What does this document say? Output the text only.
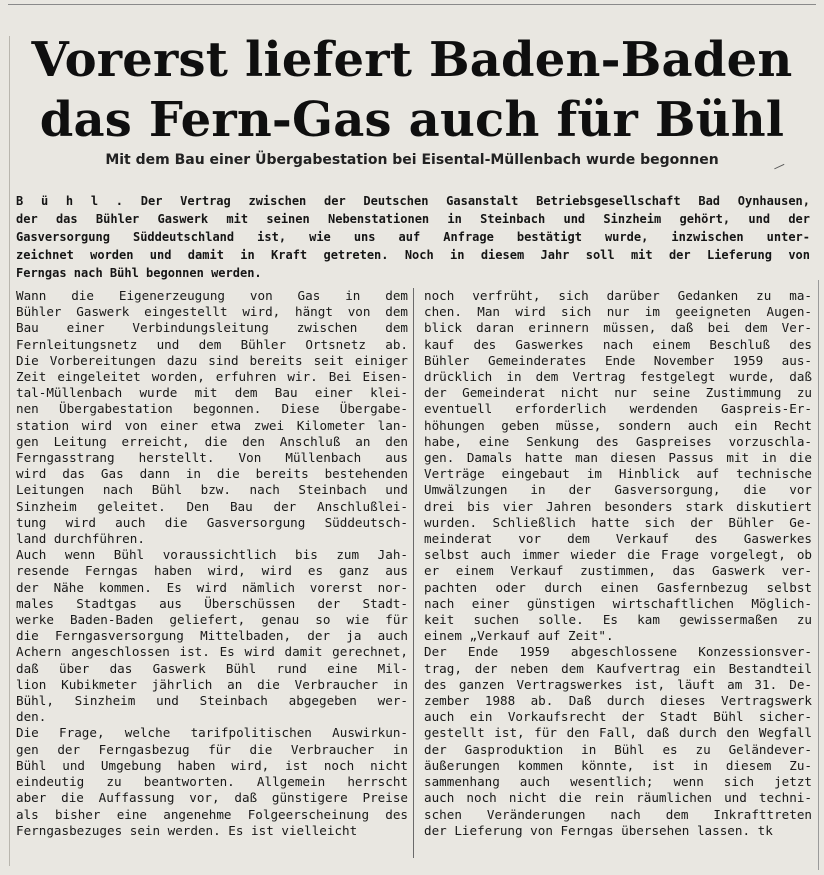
Vorerst liefert Baden-Baden
das Fern-Gas auch für Bühl
Mit dem Bau einer Übergabestation bei Eisental-Müllenbach wurde begonnen	—
B ü h l . Der Vertrag zwischen der Deutschen Gasanstalt Betriebsgesellschaft Bad Oynhausen,
der das Bühler Gaswerk mit seinen Nebenstationen in Steinbach und Sinzheim gehört, und der
Gasversorgung Süddeutschland ist, wie uns auf Anfrage bestätigt wurde, inzwischen unter-
zeichnet worden und damit in Kraft getreten. Noch in diesem Jahr soll mit der Lieferung von
Ferngas nach Bühl begonnen werden.
Wann die Eigenerzeugung von Gas in dem
Bühler Gaswerk eingestellt wird, hängt von dem
Bau einer Verbindungsleitung zwischen dem
Fernleitungsnetz und dem Bühler Ortsnetz ab.
Die Vorbereitungen dazu sind bereits seit einiger
Zeit eingeleitet worden, erfuhren wir. Bei Eisen-
tal-Müllenbach wurde mit dem Bau einer klei-
nen Übergabestation begonnen. Diese Übergabe-
station wird von einer etwa zwei Kilometer lan-
gen Leitung erreicht, die den Anschluß an den
Ferngasstrang herstellt. Von Müllenbach aus
wird das Gas dann in die bereits bestehenden
Leitungen nach Bühl bzw. nach Steinbach und
Sinzheim geleitet. Den Bau der Anschlußlei-
tung wird auch die Gasversorgung Süddeutsch-
land durchführen.
Auch wenn Bühl voraussichtlich bis zum Jah-
resende Ferngas haben wird, wird es ganz aus
der Nähe kommen. Es wird nämlich vorerst nor-
males Stadtgas aus Überschüssen der Stadt-
werke Baden-Baden geliefert, genau so wie für
die Ferngasversorgung Mittelbaden, der ja auch
Achern angeschlossen ist. Es wird damit gerechnet,
daß über das Gaswerk Bühl rund eine Mil-
lion Kubikmeter jährlich an die Verbraucher in
Bühl, Sinzheim und Steinbach abgegeben wer-
den.
Die Frage, welche tarifpolitischen Auswirkun-
gen der Ferngasbezug für die Verbraucher in
Bühl und Umgebung haben wird, ist noch nicht
eindeutig zu beantworten. Allgemein herrscht
aber die Auffassung vor, daß günstigere Preise
als bisher eine angenehme Folgeerscheinung des
Ferngasbezuges sein werden. Es ist vielleicht
noch verfrüht, sich darüber Gedanken zu ma-
chen. Man wird sich nur im geeigneten Augen-
blick daran erinnern müssen, daß bei dem Ver-
kauf des Gaswerkes nach einem Beschluß des
Bühler Gemeinderates Ende November 1959 aus-
drücklich in dem Vertrag festgelegt wurde, daß
der Gemeinderat nicht nur seine Zustimmung zu
eventuell erforderlich werdenden Gaspreis-Er-
höhungen geben müsse, sondern auch ein Recht
habe, eine Senkung des Gaspreises vorzuschla-
gen. Damals hatte man diesen Passus mit in die
Verträge eingebaut im Hinblick auf technische
Umwälzungen in der Gasversorgung, die vor
drei bis vier Jahren besonders stark diskutiert
wurden. Schließlich hatte sich der Bühler Ge-
meinderat vor dem Verkauf des Gaswerkes
selbst auch immer wieder die Frage vorgelegt, ob
er einem Verkauf zustimmen, das Gaswerk ver-
pachten oder durch einen Gasfernbezug selbst
nach einer günstigen wirtschaftlichen Möglich-
keit suchen solle. Es kam gewissermaßen zu
einem „Verkauf auf Zeit".
Der Ende 1959 abgeschlossene Konzessionsver-
trag, der neben dem Kaufvertrag ein Bestandteil
des ganzen Vertragswerkes ist, läuft am 31. De-
zember 1988 ab. Daß durch dieses Vertragswerk
auch ein Vorkaufsrecht der Stadt Bühl sicher-
gestellt ist, für den Fall, daß durch den Wegfall
der Gasproduktion in Bühl es zu Geländever-
äußerungen kommen könnte, ist in diesem Zu-
sammenhang auch wesentlich; wenn sich jetzt
auch noch nicht die rein räumlichen und techni-
schen Veränderungen nach dem Inkrafttreten
der Lieferung von Ferngas übersehen lassen. tk
